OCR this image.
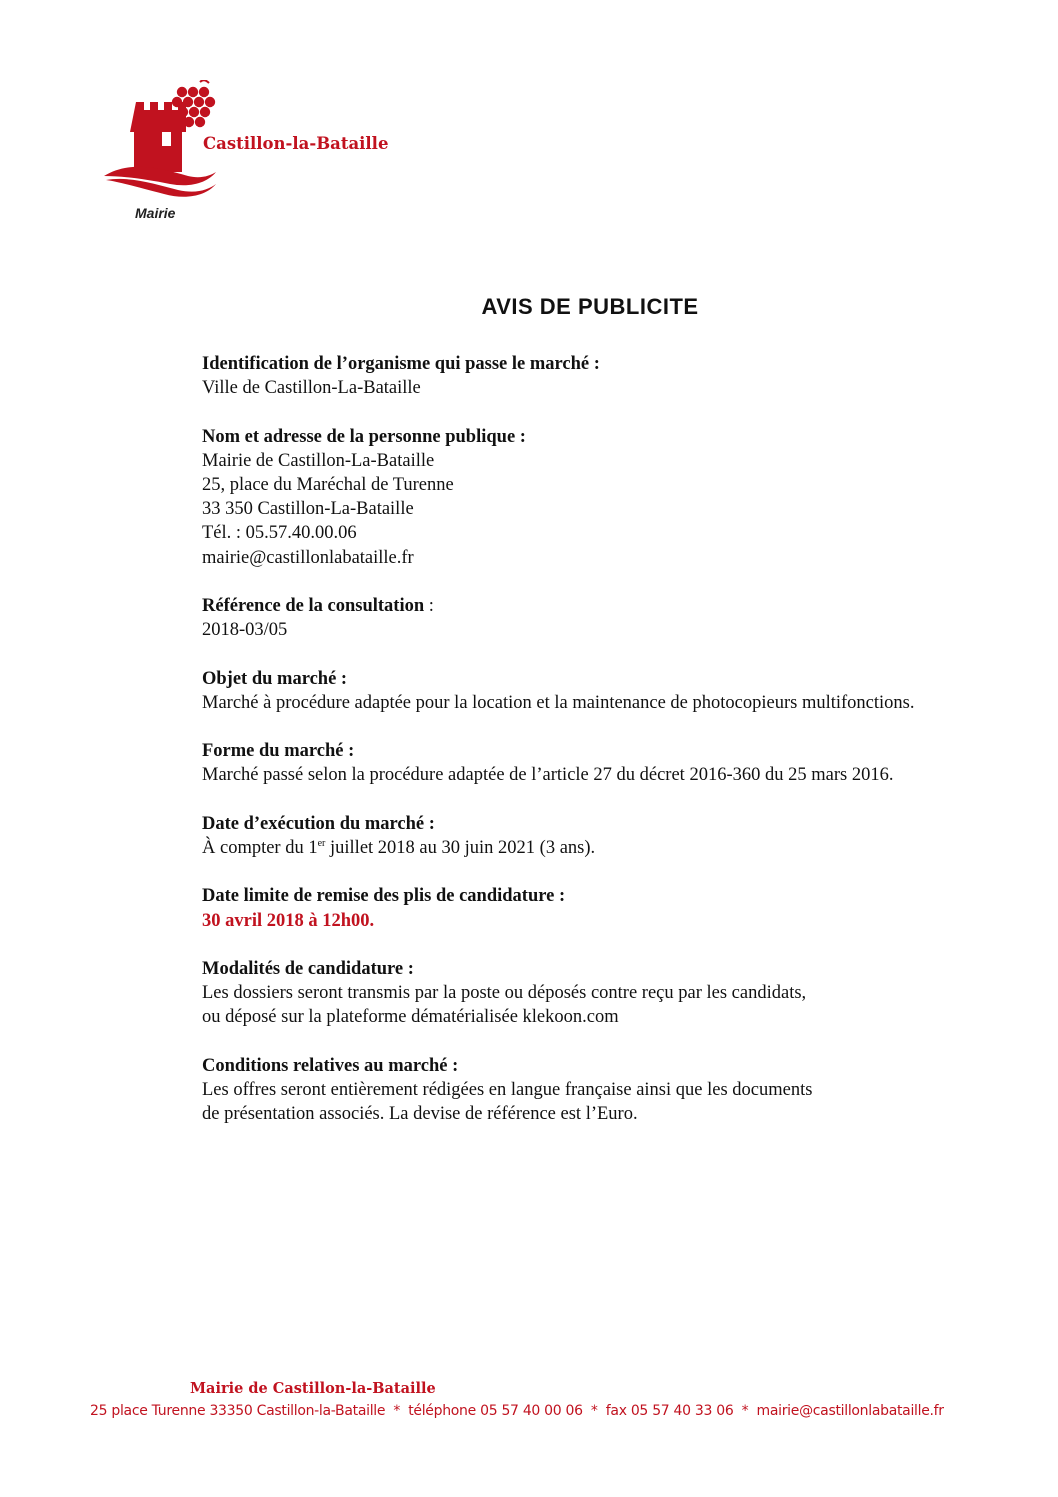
Castillon-la-Bataille
Mairie
AVIS DE PUBLICITE
Identification de l’organisme qui passe le marché :
Ville de Castillon-La-Bataille
Nom et adresse de la personne publique :
Mairie de Castillon-La-Bataille
25, place du Maréchal de Turenne
33 350 Castillon-La-Bataille
Tél. : 05.57.40.00.06
mairie@castillonlabataille.fr
Référence de la consultation :
2018-03/05
Objet du marché :
Marché à procédure adaptée pour la location et la maintenance de photocopieurs multifonctions.
Forme du marché :
Marché passé selon la procédure adaptée de l’article 27 du décret 2016-360 du 25 mars 2016.
Date d’exécution du marché :
À compter du 1er juillet 2018 au 30 juin 2021 (3 ans).
Date limite de remise des plis de candidature :
30 avril 2018 à 12h00.
Modalités de candidature :
Les dossiers seront transmis par la poste ou déposés contre reçu par les candidats,
ou déposé sur la plateforme dématérialisée klekoon.com
Conditions relatives au marché :
Les offres seront entièrement rédigées en langue française ainsi que les documents
de présentation associés. La devise de référence est l’Euro.
Mairie de Castillon-la-Bataille
25 place Turenne 33350 Castillon-la-Bataille * téléphone 05 57 40 00 06 * fax 05 57 40 33 06 * mairie@castillonlabataille.fr
